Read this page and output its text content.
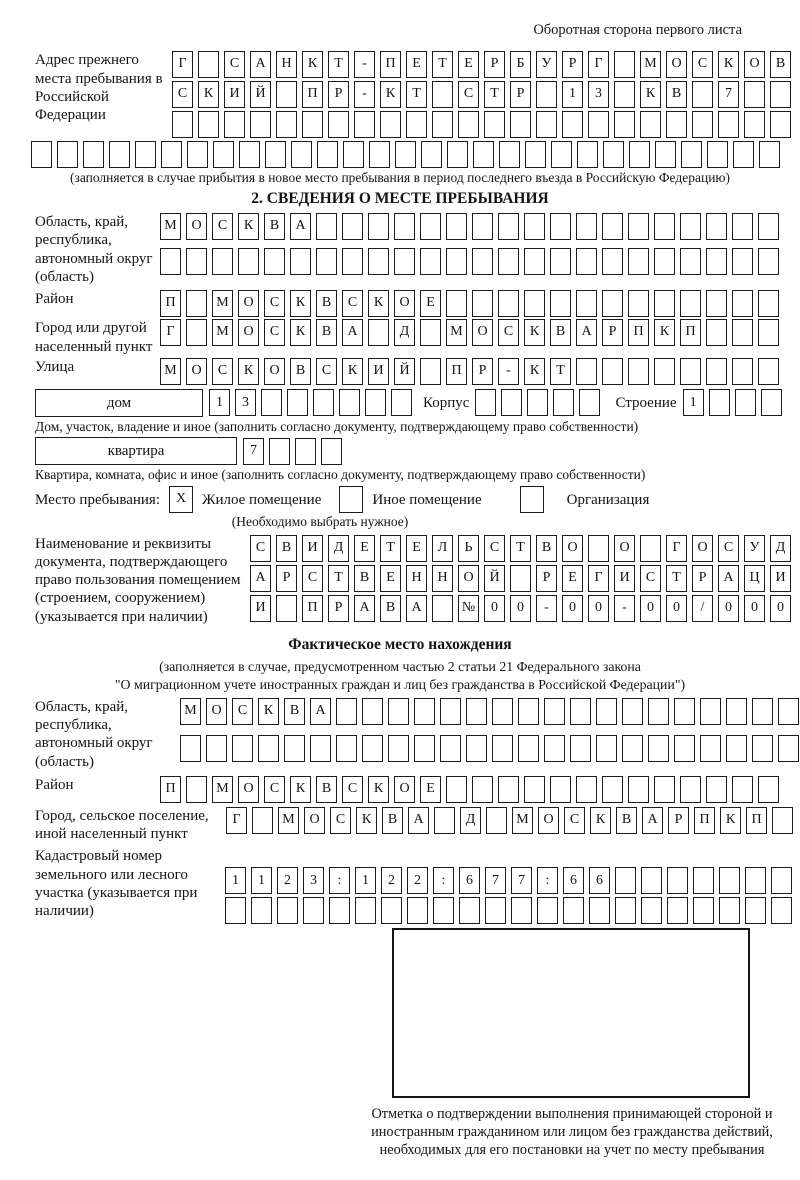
Оборотная сторона первого листа
Адрес прежнего места пребывания в Российской Федерации
Г	С	А	Н	К	Т	-	П	Е	Т	Е	Р	Б	У	Р	Г	М	О	С	К	О	В
С	К	И	Й	П	Р	-	К	Т	С	Т	Р	1	3	К	В	7
(заполняется в случае прибытия в новое место пребывания в период последнего въезда в Российскую Федерацию)
2. СВЕДЕНИЯ О МЕСТЕ ПРЕБЫВАНИЯ
Область, край, республика, автономный округ (область)
М	О	С	К	В	А
Район	П	М	О	С	К	В	С	К	О	Е
Город или другой населенный пункт
Г	М	О	С	К	В	А	Д	М	О	С	К	В	А	Р	П	К	П
Улица	М	О	С	К	О	В	С	К	И	Й	П	Р	-	К	Т
дом	1	3	Корпус	Строение 1
Дом, участок, владение и иное (заполнить согласно документу, подтверждающему право собственности)
квартира	7
Квартира, комната, офис и иное (заполнить согласно документу, подтверждающему право собственности)
Место пребывания:	X	Жилое помещение	Иное помещение	Организация
(Необходимо выбрать нужное)
Наименование и реквизиты документа, подтверждающего право пользования помещением (строением, сооружением) (указывается при наличии)
С	В	И	Д	Е	Т	Е	Л	Ь	С	Т	В	О	О	Г	О	С	У	Д
А	Р	С	Т	В	Е	Н	Н	О	Й	Р	Е	Г	И	С	Т	Р	А	Ц	И
И	П	Р	А	В	А	№	0	0	-	0	0	-	0	0	/	0	0	0
Фактическое место нахождения
(заполняется в случае, предусмотренном частью 2 статьи 21 Федерального закона
"О миграционном учете иностранных граждан и лиц без гражданства в Российской Федерации")
Область, край, республика, автономный округ (область)
М	О	С	К	В	А
Район	П	М	О	С	К	В	С	К	О	Е
Город, сельское поселение, иной населенный пункт
Г	М	О	С	К	В	А	Д	М	О	С	К	В	А	Р	П	К	П
Кадастровый номер земельного или лесного участка (указывается при наличии)
1	1	2	3	:	1	2	2	:	6	7	7	:	6	6
Отметка о подтверждении выполнения принимающей стороной и иностранным гражданином или лицом без гражданства действий, необходимых для его постановки на учет по месту пребывания
